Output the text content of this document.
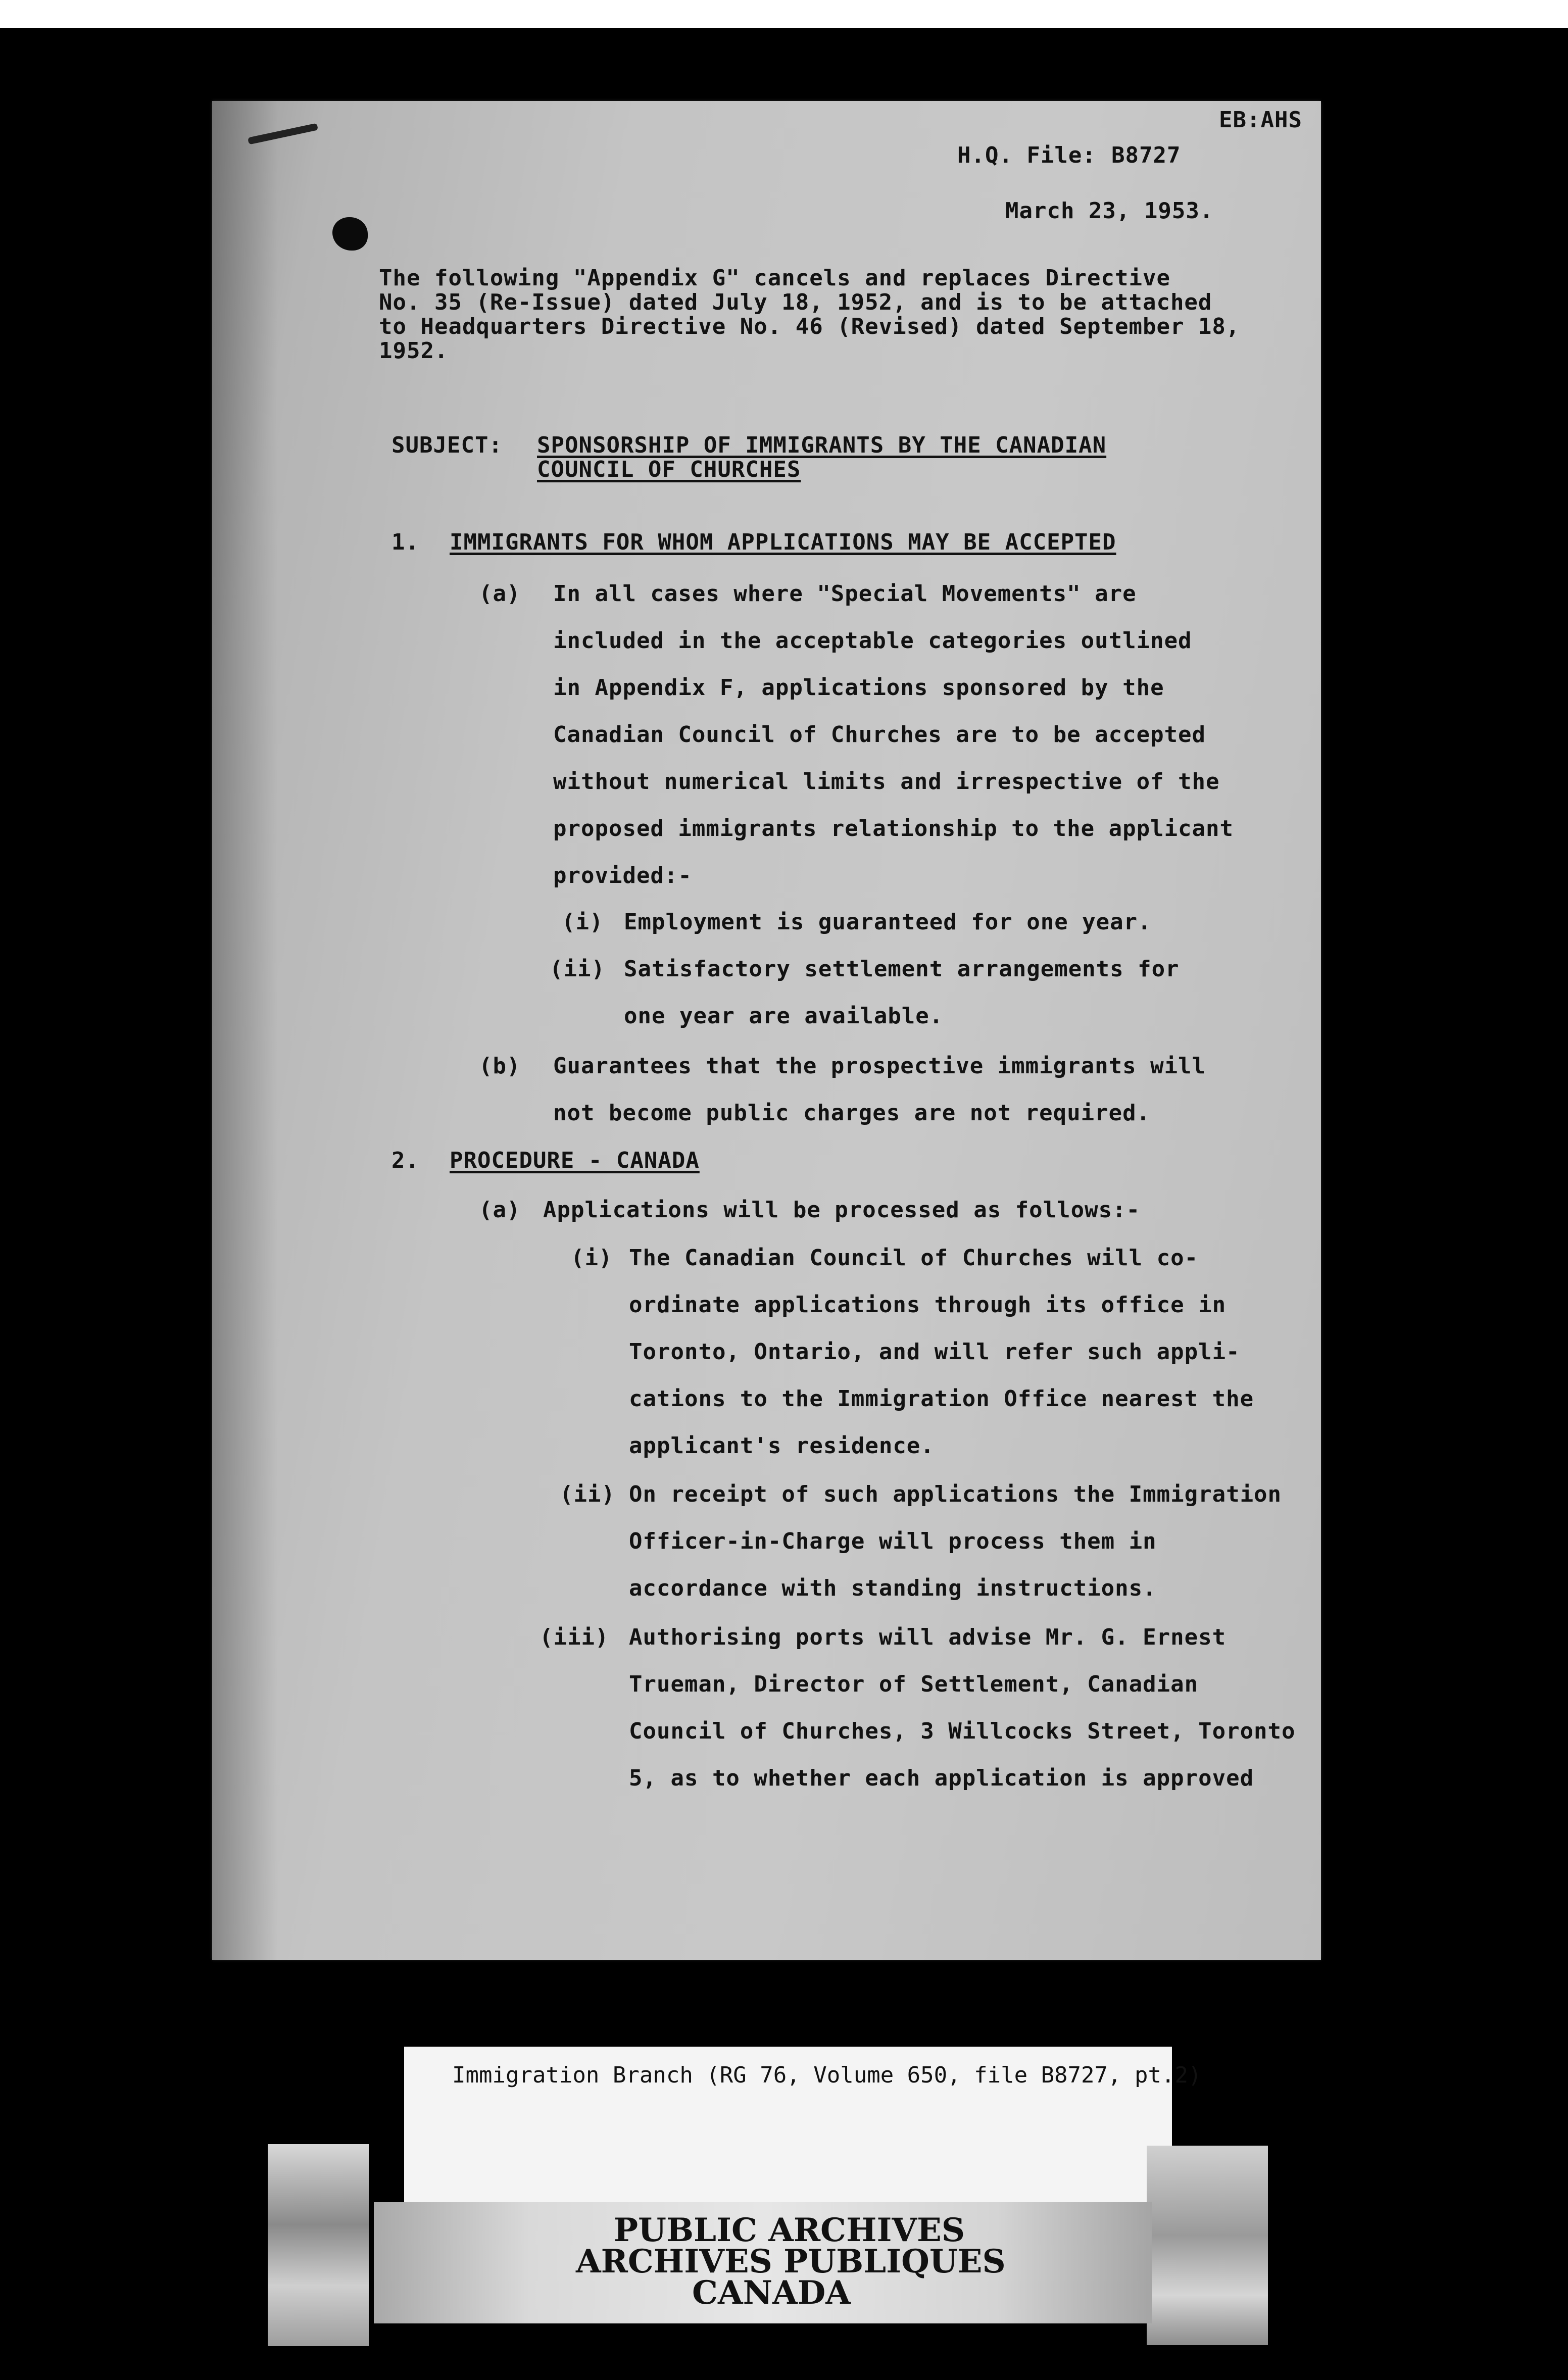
EB:AHS
H.Q. File: B8727
March 23, 1953.
The following "Appendix G" cancels and replaces Directive
No. 35 (Re-Issue) dated July 18, 1952, and is to be attached
to Headquarters Directive No. 46 (Revised) dated September 18,
1952.
SUBJECT: SPONSORSHIP OF IMMIGRANTS BY THE CANADIAN
COUNCIL OF CHURCHES
1. IMMIGRANTS FOR WHOM APPLICATIONS MAY BE ACCEPTED
(a) In all cases where "Special Movements" are
included in the acceptable categories outlined
in Appendix F, applications sponsored by the
Canadian Council of Churches are to be accepted
without numerical limits and irrespective of the
proposed immigrants relationship to the applicant
provided:-
(i) Employment is guaranteed for one year.
(ii) Satisfactory settlement arrangements for
one year are available.
(b) Guarantees that the prospective immigrants will
not become public charges are not required.
2. PROCEDURE - CANADA
(a) Applications will be processed as follows:-
(i) The Canadian Council of Churches will co-
ordinate applications through its office in
Toronto, Ontario, and will refer such appli-
cations to the Immigration Office nearest the
applicant's residence.
(ii) On receipt of such applications the Immigration
Officer-in-Charge will process them in
accordance with standing instructions.
(iii) Authorising ports will advise Mr. G. Ernest
Trueman, Director of Settlement, Canadian
Council of Churches, 3 Willcocks Street, Toronto
5, as to whether each application is approved
Immigration Branch (RG 76, Volume 650, file B8727, pt.2)
PUBLIC ARCHIVES
ARCHIVES PUBLIQUES
CANADA
